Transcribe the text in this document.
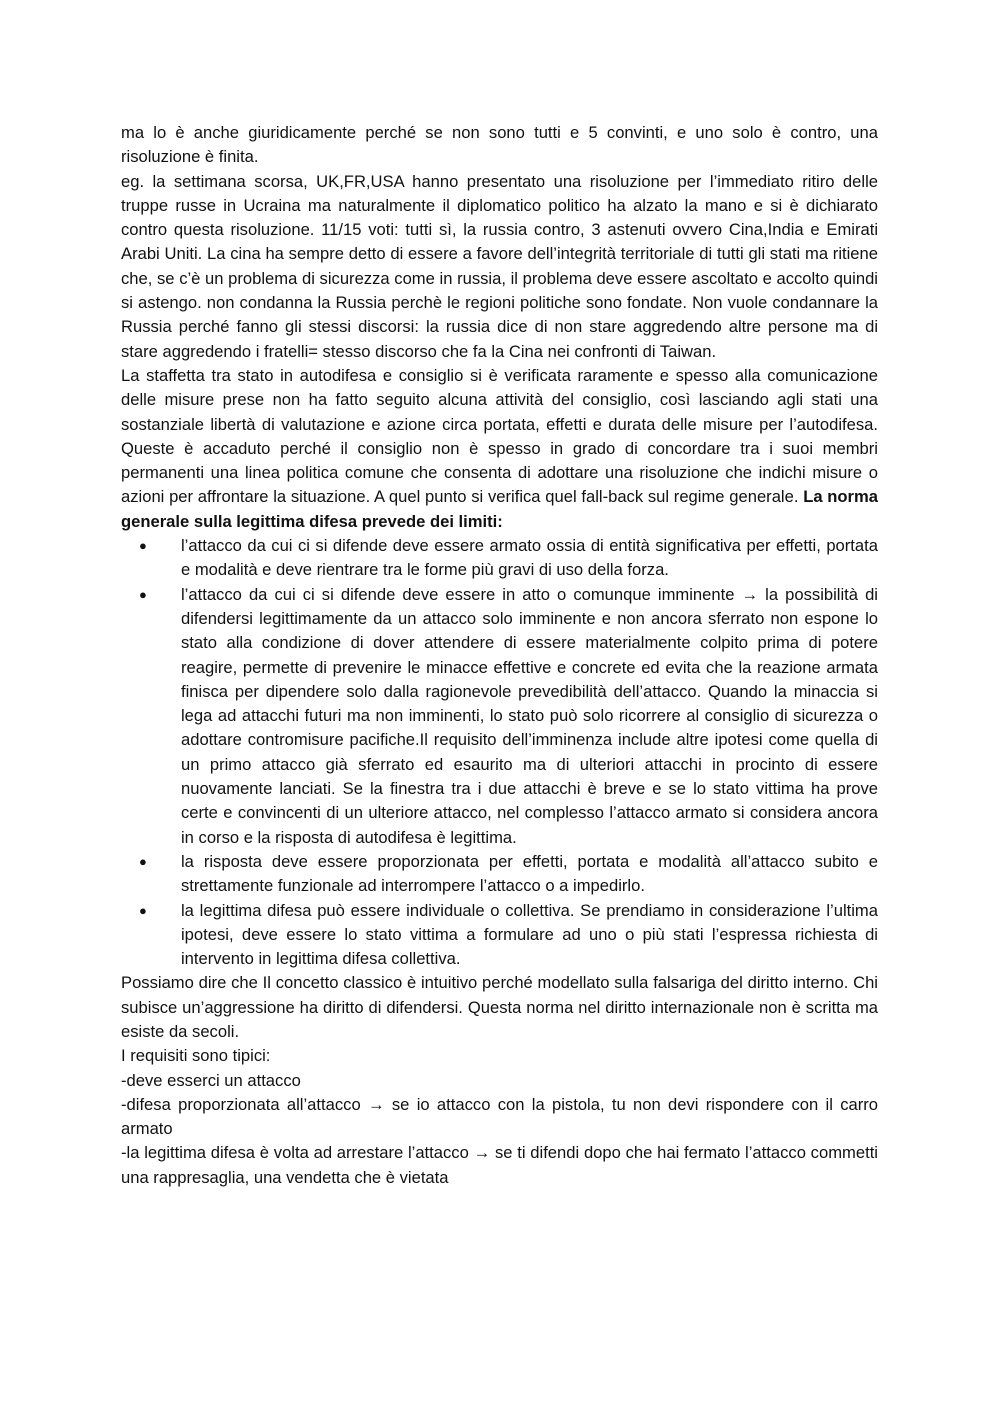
ma lo è anche giuridicamente perché se non sono tutti e 5 convinti, e uno solo è contro, una risoluzione è finita.

eg. la settimana scorsa, UK,FR,USA hanno presentato una risoluzione per l’immediato ritiro delle truppe russe in Ucraina ma naturalmente il diplomatico politico ha alzato la mano e si è dichiarato contro questa risoluzione. 11/15 voti: tutti sì, la russia contro, 3 astenuti ovvero Cina,India e Emirati Arabi Uniti. La cina ha sempre detto di essere a favore dell’integrità territoriale di tutti gli stati ma ritiene che, se c’è un problema di sicurezza come in russia, il problema deve essere ascoltato e accolto quindi si astengo. non condanna la Russia perchè le regioni politiche sono fondate. Non vuole condannare la Russia perché fanno gli stessi discorsi: la russia dice di non stare aggredendo altre persone ma di stare aggredendo i fratelli= stesso discorso che fa la Cina nei confronti di Taiwan.

La staffetta tra stato in autodifesa e consiglio si è verificata raramente e spesso alla comunicazione delle misure prese non ha fatto seguito alcuna attività del consiglio, così lasciando agli stati una sostanziale libertà di valutazione e azione circa portata, effetti e durata delle misure per l’autodifesa. Queste è accaduto perché il consiglio non è spesso in grado di concordare tra i suoi membri permanenti una linea politica comune che consenta di adottare una risoluzione che indichi misure o azioni per affrontare la situazione. A quel punto si verifica quel fall-back sul regime generale. La norma generale sulla legittima difesa prevede dei limiti:

● l’attacco da cui ci si difende deve essere armato ossia di entità significativa per effetti, portata e modalità e deve rientrare tra le forme più gravi di uso della forza.
● l’attacco da cui ci si difende deve essere in atto o comunque imminente → la possibilità di difendersi legittimamente da un attacco solo imminente e non ancora sferrato non espone lo stato alla condizione di dover attendere di essere materialmente colpito prima di potere reagire, permette di prevenire le minacce effettive e concrete ed evita che la reazione armata finisca per dipendere solo dalla ragionevole prevedibilità dell’attacco. Quando la minaccia si lega ad attacchi futuri ma non imminenti, lo stato può solo ricorrere al consiglio di sicurezza o adottare contromisure pacifiche.Il requisito dell’imminenza include altre ipotesi come quella di un primo attacco già sferrato ed esaurito ma di ulteriori attacchi in procinto di essere nuovamente lanciati. Se la finestra tra i due attacchi è breve e se lo stato vittima ha prove certe e convincenti di un ulteriore attacco, nel complesso l’attacco armato si considera ancora in corso e la risposta di autodifesa è legittima.
● la risposta deve essere proporzionata per effetti, portata e modalità all’attacco subito e strettamente funzionale ad interrompere l’attacco o a impedirlo.
● la legittima difesa può essere individuale o collettiva. Se prendiamo in considerazione l’ultima ipotesi, deve essere lo stato vittima a formulare ad uno o più stati l’espressa richiesta di intervento in legittima difesa collettiva.

Possiamo dire che Il concetto classico è intuitivo perché modellato sulla falsariga del diritto interno. Chi subisce un’aggressione ha diritto di difendersi. Questa norma nel diritto internazionale non è scritta ma esiste da secoli.

I requisiti sono tipici:

-deve esserci un attacco

-difesa proporzionata all’attacco → se io attacco con la pistola, tu non devi rispondere con il carro armato

-la legittima difesa è volta ad arrestare l’attacco → se ti difendi dopo che hai fermato l’attacco commetti una rappresaglia, una vendetta che è vietata
